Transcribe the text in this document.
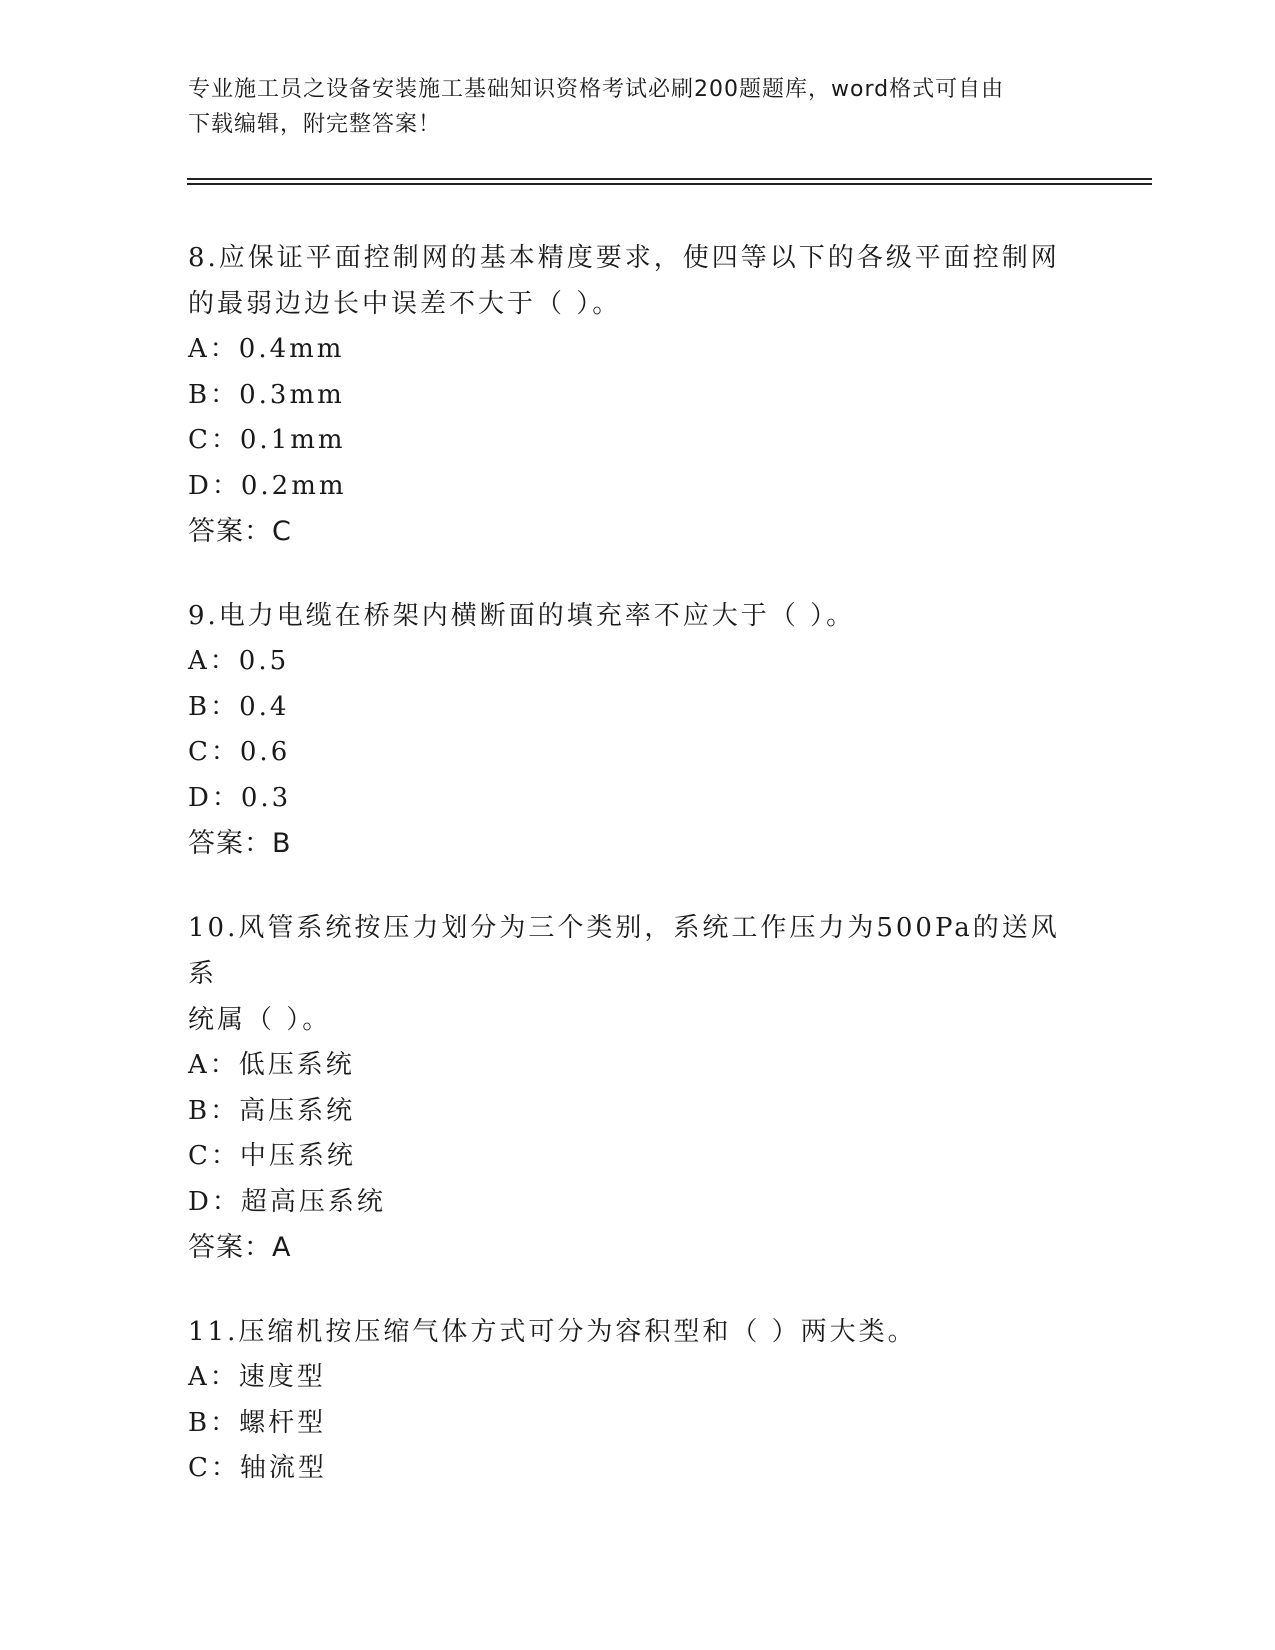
专业施工员之设备安装施工基础知识资格考试必刷200题题库，word格式可自由
下载编辑，附完整答案！
8.应保证平面控制网的基本精度要求，使四等以下的各级平面控制网
的最弱边边长中误差不大于（ ）。
A：0.4mm
B：0.3mm
C：0.1mm
D：0.2mm
答案：C
9.电力电缆在桥架内横断面的填充率不应大于（ ）。
A：0.5
B：0.4
C：0.6
D：0.3
答案：B
10.风管系统按压力划分为三个类别，系统工作压力为500Pa的送风系
统属（ ）。
A：低压系统
B：高压系统
C：中压系统
D：超高压系统
答案：A
11.压缩机按压缩气体方式可分为容积型和（ ）两大类。
A：速度型
B：螺杆型
C：轴流型
